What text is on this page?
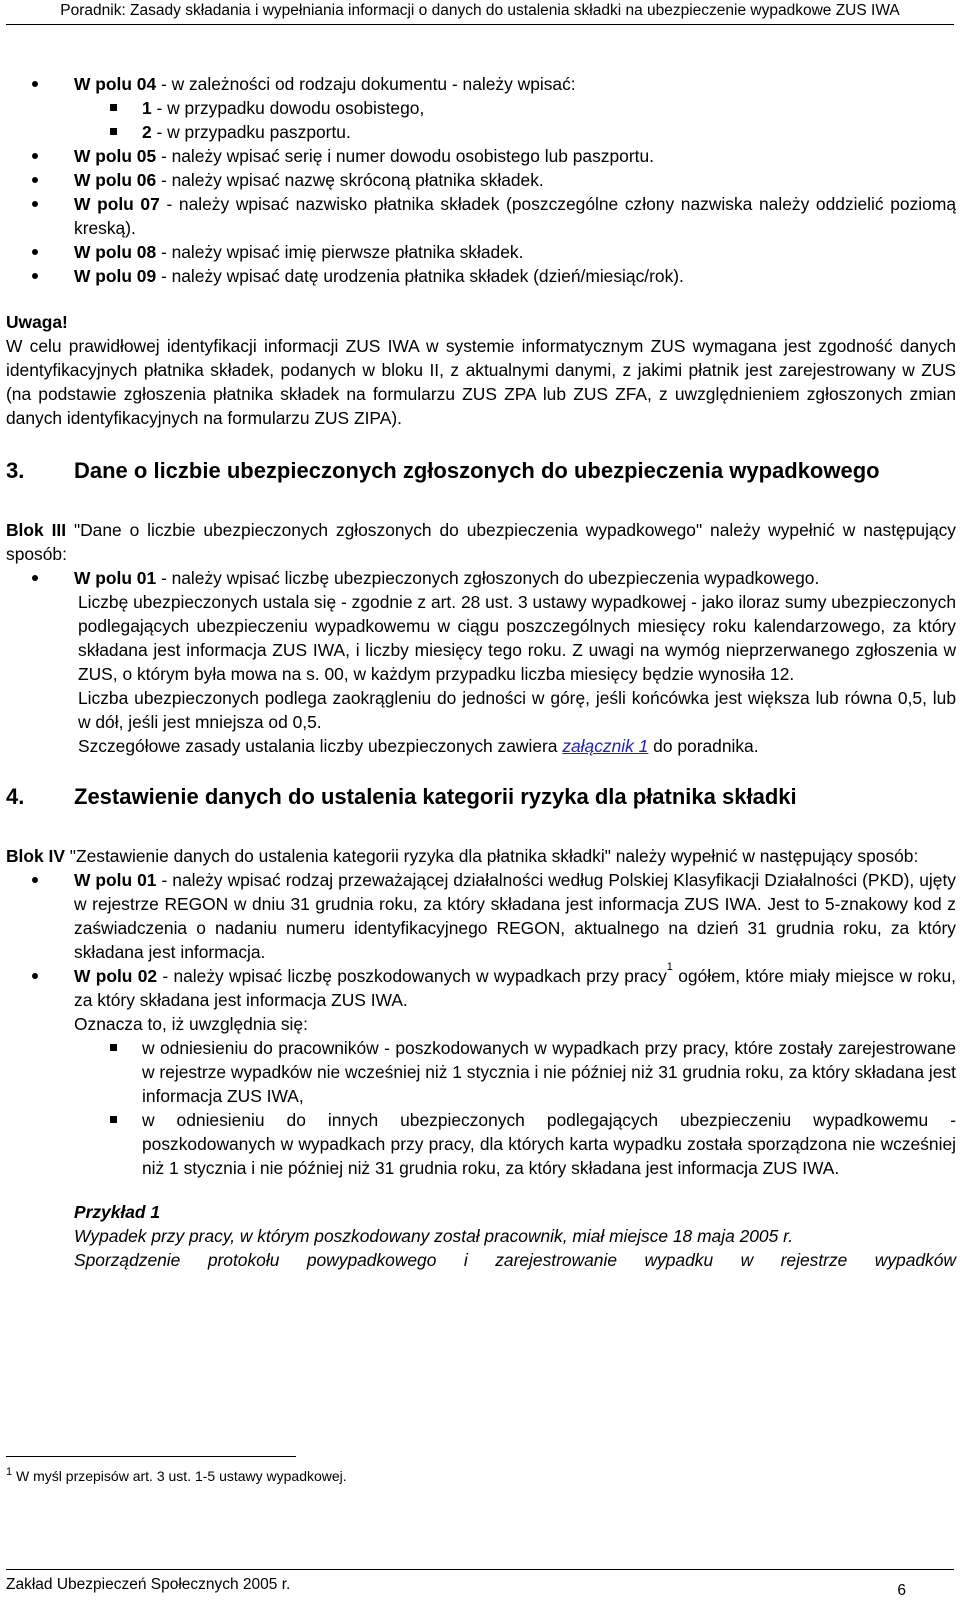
Poradnik: Zasady składania i wypełniania informacji o danych do ustalenia składki na ubezpieczenie wypadkowe ZUS IWA
W polu 04 - w zależności od rodzaju dokumentu - należy wpisać:
1 - w przypadku dowodu osobistego,
2 - w przypadku paszportu.
W polu 05 - należy wpisać serię i numer dowodu osobistego lub paszportu.
W polu 06 - należy wpisać nazwę skróconą płatnika składek.
W polu 07 - należy wpisać nazwisko płatnika składek (poszczególne człony nazwiska należy oddzielić poziomą kreską).
W polu 08 - należy wpisać imię pierwsze płatnika składek.
W polu 09 - należy wpisać datę urodzenia płatnika składek (dzień/miesiąc/rok).

Uwaga!

W celu prawidłowej identyfikacji informacji ZUS IWA w systemie informatycznym ZUS wymagana jest zgodność danych identyfikacyjnych płatnika składek, podanych w bloku II, z aktualnymi danymi, z jakimi płatnik jest zarejestrowany w ZUS (na podstawie zgłoszenia płatnika składek na formularzu ZUS ZPA lub ZUS ZFA, z uwzględnieniem zgłoszonych zmian danych identyfikacyjnych na formularzu ZUS ZIPA).

3.	Dane o liczbie ubezpieczonych zgłoszonych do ubezpieczenia wypadkowego

Blok III "Dane o liczbie ubezpieczonych zgłoszonych do ubezpieczenia wypadkowego" należy wypełnić w następujący sposób:

W polu 01 - należy wpisać liczbę ubezpieczonych zgłoszonych do ubezpieczenia wypadkowego.

Liczbę ubezpieczonych ustala się - zgodnie z art. 28 ust. 3 ustawy wypadkowej - jako iloraz sumy ubezpieczonych podlegających ubezpieczeniu wypadkowemu w ciągu poszczególnych miesięcy roku kalendarzowego, za który składana jest informacja ZUS IWA, i liczby miesięcy tego roku. Z uwagi na wymóg nieprzerwanego zgłoszenia w ZUS, o którym była mowa na s. 00, w każdym przypadku liczba miesięcy będzie wynosiła 12.

Liczba ubezpieczonych podlega zaokrągleniu do jedności w górę, jeśli końcówka jest większa lub równa 0,5, lub w dół, jeśli jest mniejsza od 0,5.

Szczegółowe zasady ustalania liczby ubezpieczonych zawiera załącznik 1 do poradnika.

4.	Zestawienie danych do ustalenia kategorii ryzyka dla płatnika składki

Blok IV "Zestawienie danych do ustalenia kategorii ryzyka dla płatnika składki" należy wypełnić w następujący sposób:

W polu 01 - należy wpisać rodzaj przeważającej działalności według Polskiej Klasyfikacji Działalności (PKD), ujęty w rejestrze REGON w dniu 31 grudnia roku, za który składana jest informacja ZUS IWA. Jest to 5-znakowy kod z zaświadczenia o nadaniu numeru identyfikacyjnego REGON, aktualnego na dzień 31 grudnia roku, za który składana jest informacja.
W polu 02 - należy wpisać liczbę poszkodowanych w wypadkach przy pracy$^1$ ogółem, które miały miejsce w roku, za który składana jest informacja ZUS IWA.

Oznacza to, iż uwzględnia się:

w odniesieniu do pracowników - poszkodowanych w wypadkach przy pracy, które zostały zarejestrowane w rejestrze wypadków nie wcześniej niż 1 stycznia i nie później niż 31 grudnia roku, za który składana jest informacja ZUS IWA,
w odniesieniu do innych ubezpieczonych podlegających ubezpieczeniu wypadkowemu - poszkodowanych w wypadkach przy pracy, dla których karta wypadku została sporządzona nie wcześniej niż 1 stycznia i nie później niż 31 grudnia roku, za który składana jest informacja ZUS IWA.

Przykład 1

Wypadek przy pracy, w którym poszkodowany został pracownik, miał miejsce 18 maja 2005 r.

Sporządzenie protokołu powypadkowego i zarejestrowanie wypadku w rejestrze wypadków

$^1$ W myśl przepisów art. 3 ust. 1-5 ustawy wypadkowej.
Zakład Ubezpieczeń Społecznych 2005 r.	6
